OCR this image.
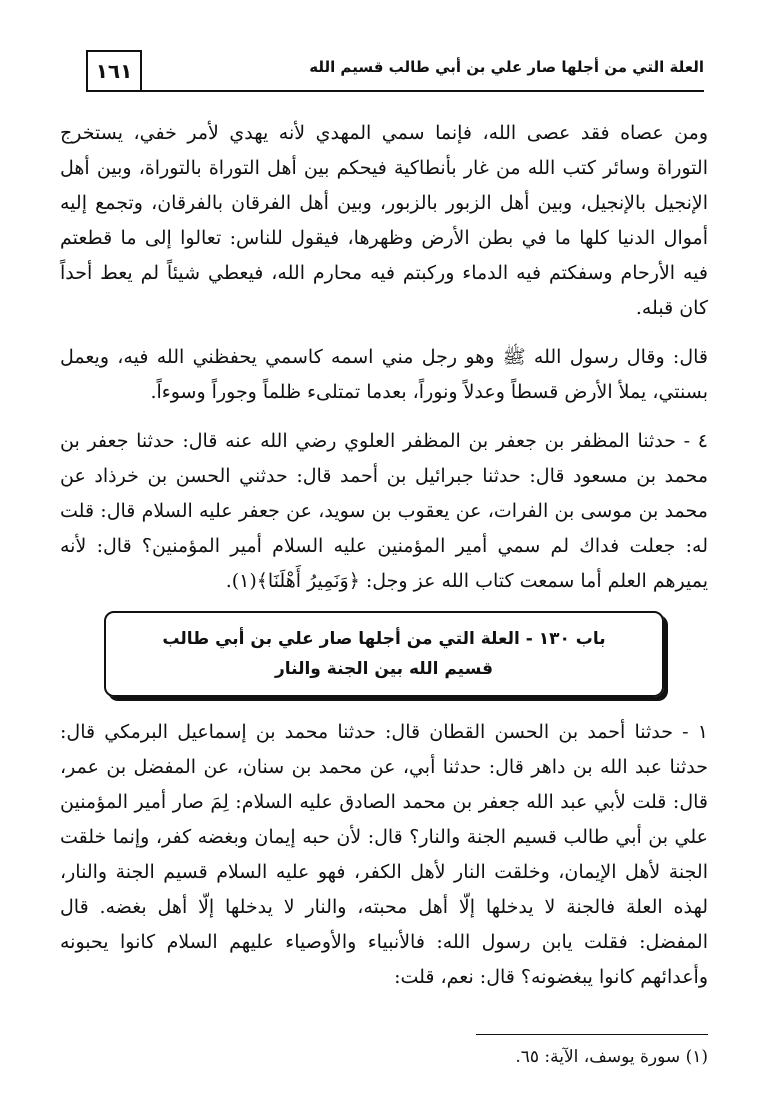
١٦١	العلة التي من أجلها صار علي بن أبي طالب قسيم الله

ومن عصاه فقد عصى الله، فإنما سمي المهدي لأنه يهدي لأمر خفي، يستخرج التوراة وسائر كتب الله من غار بأنطاكية فيحكم بين أهل التوراة بالتوراة، وبين أهل الإنجيل بالإنجيل، وبين أهل الزبور بالزبور، وبين أهل الفرقان بالفرقان، وتجمع إليه أموال الدنيا كلها ما في بطن الأرض وظهرها، فيقول للناس: تعالوا إلى ما قطعتم فيه الأرحام وسفكتم فيه الدماء وركبتم فيه محارم الله، فيعطي شيئاً لم يعط أحداً كان قبله.

قال: وقال رسول الله ﷺ وهو رجل مني اسمه كاسمي يحفظني الله فيه، ويعمل بسنتي، يملأ الأرض قسطاً وعدلاً ونوراً، بعدما تمتلىء ظلماً وجوراً وسوءاً.

٤ - حدثنا المظفر بن جعفر بن المظفر العلوي رضي الله عنه قال: حدثنا جعفر بن محمد بن مسعود قال: حدثنا جبرائيل بن أحمد قال: حدثني الحسن بن خرذاد عن محمد بن موسى بن الفرات، عن يعقوب بن سويد، عن جعفر عليه السلام قال: قلت له: جعلت فداك لم سمي أمير المؤمنين عليه السلام أمير المؤمنين؟ قال: لأنه يميرهم العلم أما سمعت كتاب الله عز وجل: ﴿وَنَمِيرُ أَهْلَنَا﴾(١).

باب ١٣٠ - العلة التي من أجلها صار علي بن أبي طالب
قسيم الله بين الجنة والنار

١ - حدثنا أحمد بن الحسن القطان قال: حدثنا محمد بن إسماعيل البرمكي قال: حدثنا عبد الله بن داهر قال: حدثنا أبي، عن محمد بن سنان، عن المفضل بن عمر، قال: قلت لأبي عبد الله جعفر بن محمد الصادق عليه السلام: لِمَ صار أمير المؤمنين علي بن أبي طالب قسيم الجنة والنار؟ قال: لأن حبه إيمان وبغضه كفر، وإنما خلقت الجنة لأهل الإيمان، وخلقت النار لأهل الكفر، فهو عليه السلام قسيم الجنة والنار، لهذه العلة فالجنة لا يدخلها إلّا أهل محبته، والنار لا يدخلها إلّا أهل بغضه. قال المفضل: فقلت يابن رسول الله: فالأنبياء والأوصياء عليهم السلام كانوا يحبونه وأعدائهم كانوا يبغضونه؟ قال: نعم، قلت:

(١) سورة يوسف، الآية: ٦٥.
